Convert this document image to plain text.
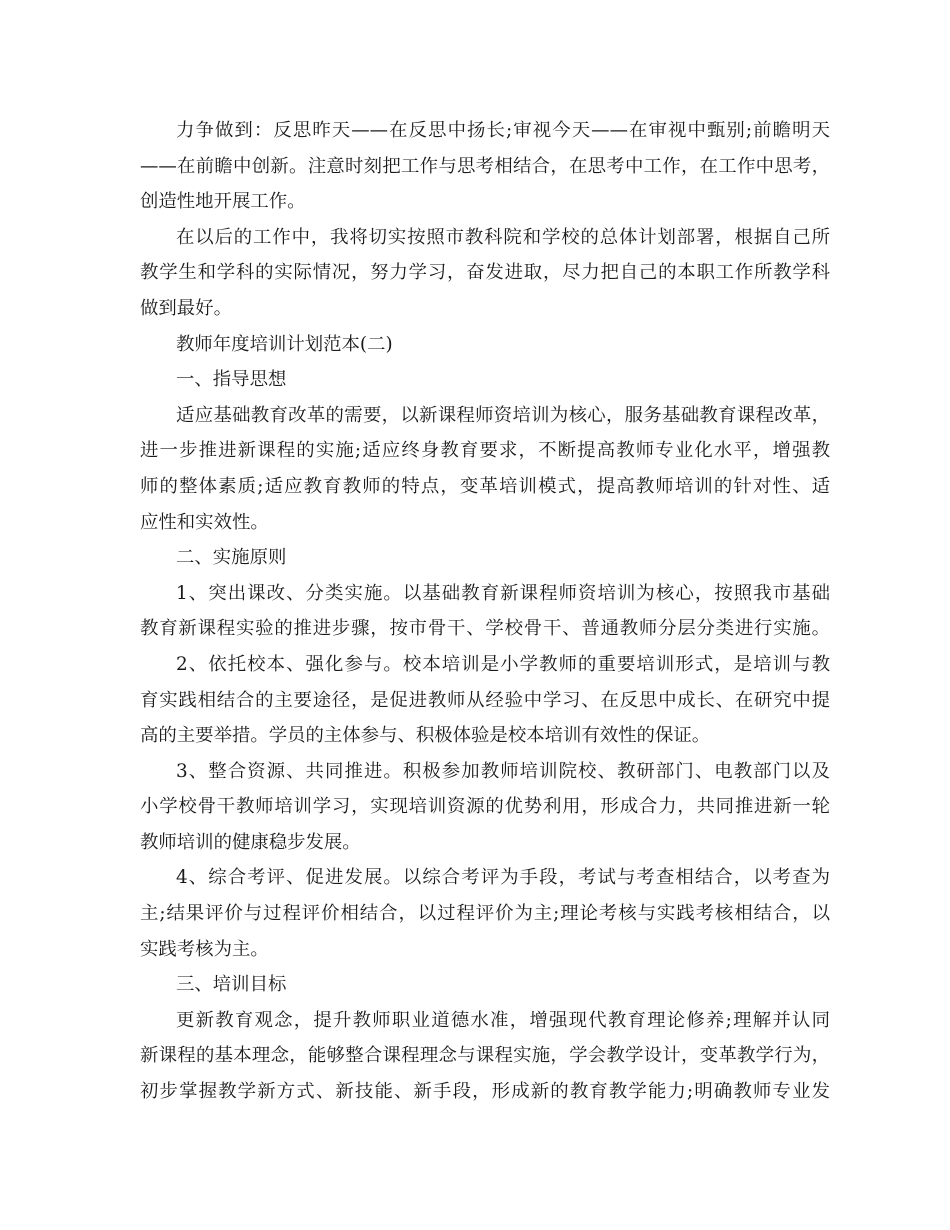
力争做到：反思昨天——在反思中扬长;审视今天——在审视中甄别;前瞻明天
——在前瞻中创新。注意时刻把工作与思考相结合，在思考中工作，在工作中思考，
创造性地开展工作。
在以后的工作中，我将切实按照市教科院和学校的总体计划部署，根据自己所
教学生和学科的实际情况，努力学习，奋发进取，尽力把自己的本职工作所教学科
做到最好。
教师年度培训计划范本(二)
一、指导思想
适应基础教育改革的需要，以新课程师资培训为核心，服务基础教育课程改革，
进一步推进新课程的实施;适应终身教育要求，不断提高教师专业化水平，增强教
师的整体素质;适应教育教师的特点，变革培训模式，提高教师培训的针对性、适
应性和实效性。
二、实施原则
1、突出课改、分类实施。以基础教育新课程师资培训为核心，按照我市基础
教育新课程实验的推进步骤，按市骨干、学校骨干、普通教师分层分类进行实施。
2、依托校本、强化参与。校本培训是小学教师的重要培训形式，是培训与教
育实践相结合的主要途径，是促进教师从经验中学习、在反思中成长、在研究中提
高的主要举措。学员的主体参与、积极体验是校本培训有效性的保证。
3、整合资源、共同推进。积极参加教师培训院校、教研部门、电教部门以及
小学校骨干教师培训学习，实现培训资源的优势利用，形成合力，共同推进新一轮
教师培训的健康稳步发展。
4、综合考评、促进发展。以综合考评为手段，考试与考查相结合，以考查为
主;结果评价与过程评价相结合，以过程评价为主;理论考核与实践考核相结合，以
实践考核为主。
三、培训目标
更新教育观念，提升教师职业道德水准，增强现代教育理论修养;理解并认同
新课程的基本理念，能够整合课程理念与课程实施，学会教学设计，变革教学行为，
初步掌握教学新方式、新技能、新手段，形成新的教育教学能力;明确教师专业发
